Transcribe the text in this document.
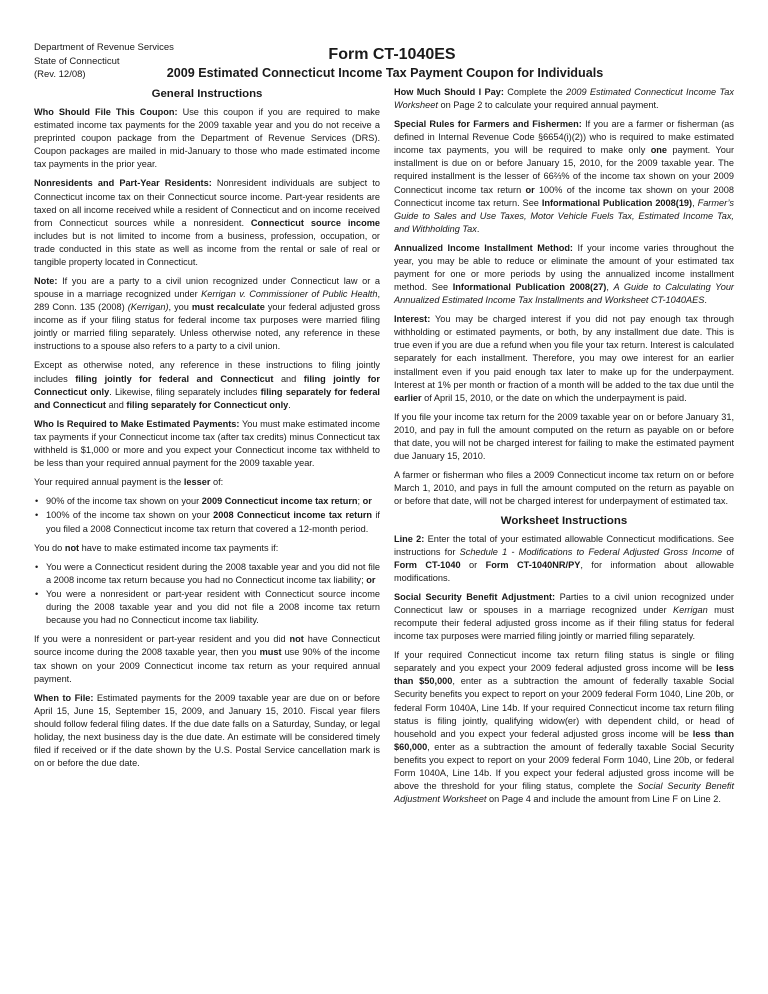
Department of Revenue Services
State of Connecticut
(Rev. 12/08)
Form CT-1040ES
2009 Estimated Connecticut Income Tax Payment Coupon for Individuals
General Instructions

Who Should File This Coupon: Use this coupon if you are required to make estimated income tax payments for the 2009 taxable year and you do not receive a preprinted coupon package from the Department of Revenue Services (DRS). Coupon packages are mailed in mid-January to those who made estimated income tax payments in the prior year.

Nonresidents and Part-Year Residents: Nonresident individuals are subject to Connecticut income tax on their Connecticut source income. Part-year residents are taxed on all income received while a resident of Connecticut and on income received from Connecticut sources while a nonresident. Connecticut source income includes but is not limited to income from a business, profession, occupation, or trade conducted in this state as well as income from the rental or sale of real or tangible property located in Connecticut.

Note: If you are a party to a civil union recognized under Connecticut law or a spouse in a marriage recognized under Kerrigan v. Commissioner of Public Health, 289 Conn. 135 (2008) (Kerrigan), you must recalculate your federal adjusted gross income as if your filing status for federal income tax purposes were married filing jointly or married filing separately. Unless otherwise noted, any reference in these instructions to a spouse also refers to a party to a civil union.

Except as otherwise noted, any reference in these instructions to filing jointly includes filing jointly for federal and Connecticut and filing jointly for Connecticut only. Likewise, filing separately includes filing separately for federal and Connecticut and filing separately for Connecticut only.

Who Is Required to Make Estimated Payments: You must make estimated income tax payments if your Connecticut income tax (after tax credits) minus Connecticut tax withheld is $1,000 or more and you expect your Connecticut income tax withheld to be less than your required annual payment for the 2009 taxable year.

Your required annual payment is the lesser of:

• 90% of the income tax shown on your 2009 Connecticut income tax return; or
• 100% of the income tax shown on your 2008 Connecticut income tax return if you filed a 2008 Connecticut income tax return that covered a 12-month period.

You do not have to make estimated income tax payments if:

• You were a Connecticut resident during the 2008 taxable year and you did not file a 2008 income tax return because you had no Connecticut income tax liability; or
• You were a nonresident or part-year resident with Connecticut source income during the 2008 taxable year and you did not file a 2008 income tax return because you had no Connecticut income tax liability.

If you were a nonresident or part-year resident and you did not have Connecticut source income during the 2008 taxable year, then you must use 90% of the income tax shown on your 2009 Connecticut income tax return as your required annual payment.

When to File: Estimated payments for the 2009 taxable year are due on or before April 15, June 15, September 15, 2009, and January 15, 2010. Fiscal year filers should follow federal filing dates. If the due date falls on a Saturday, Sunday, or legal holiday, the next business day is the due date. An estimate will be considered timely filed if received or if the date shown by the U.S. Postal Service cancellation mark is on or before the due date.

How Much Should I Pay: Complete the 2009 Estimated Connecticut Income Tax Worksheet on Page 2 to calculate your required annual payment.

Special Rules for Farmers and Fishermen: If you are a farmer or fisherman (as defined in Internal Revenue Code §6654(i)(2)) who is required to make estimated income tax payments, you will be required to make only one payment. Your installment is due on or before January 15, 2010, for the 2009 taxable year. The required installment is the lesser of 66⅔% of the income tax shown on your 2009 Connecticut income tax return or 100% of the income tax shown on your 2008 Connecticut income tax return. See Informational Publication 2008(19), Farmer’s Guide to Sales and Use Taxes, Motor Vehicle Fuels Tax, Estimated Income Tax, and Withholding Tax.

Annualized Income Installment Method: If your income varies throughout the year, you may be able to reduce or eliminate the amount of your estimated tax payment for one or more periods by using the annualized income installment method. See Informational Publication 2008(27), A Guide to Calculating Your Annualized Estimated Income Tax Installments and Worksheet CT-1040AES.

Interest: You may be charged interest if you did not pay enough tax through withholding or estimated payments, or both, by any installment due date. This is true even if you are due a refund when you file your tax return. Interest is calculated separately for each installment. Therefore, you may owe interest for an earlier installment even if you paid enough tax later to make up for the underpayment. Interest at 1% per month or fraction of a month will be added to the tax due until the earlier of April 15, 2010, or the date on which the underpayment is paid.

If you file your income tax return for the 2009 taxable year on or before January 31, 2010, and pay in full the amount computed on the return as payable on or before that date, you will not be charged interest for failing to make the estimated payment due January 15, 2010.

A farmer or fisherman who files a 2009 Connecticut income tax return on or before March 1, 2010, and pays in full the amount computed on the return as payable on or before that date, will not be charged interest for underpayment of estimated tax.

Worksheet Instructions

Line 2: Enter the total of your estimated allowable Connecticut modifications. See instructions for Schedule 1 - Modifications to Federal Adjusted Gross Income of Form CT-1040 or Form CT-1040NR/PY, for information about allowable modifications.

Social Security Benefit Adjustment: Parties to a civil union recognized under Connecticut law or spouses in a marriage recognized under Kerrigan must recompute their federal adjusted gross income as if their filing status for federal income tax purposes were married filing jointly or married filing separately.

If your required Connecticut income tax return filing status is single or filing separately and you expect your 2009 federal adjusted gross income will be less than $50,000, enter as a subtraction the amount of federally taxable Social Security benefits you expect to report on your 2009 federal Form 1040, Line 20b, or federal Form 1040A, Line 14b. If your required Connecticut income tax return filing status is filing jointly, qualifying widow(er) with dependent child, or head of household and you expect your federal adjusted gross income will be less than $60,000, enter as a subtraction the amount of federally taxable Social Security benefits you expect to report on your 2009 federal Form 1040, Line 20b, or federal Form 1040A, Line 14b. If you expect your federal adjusted gross income will be above the threshold for your filing status, complete the Social Security Benefit Adjustment Worksheet on Page 4 and include the amount from Line F on Line 2.
